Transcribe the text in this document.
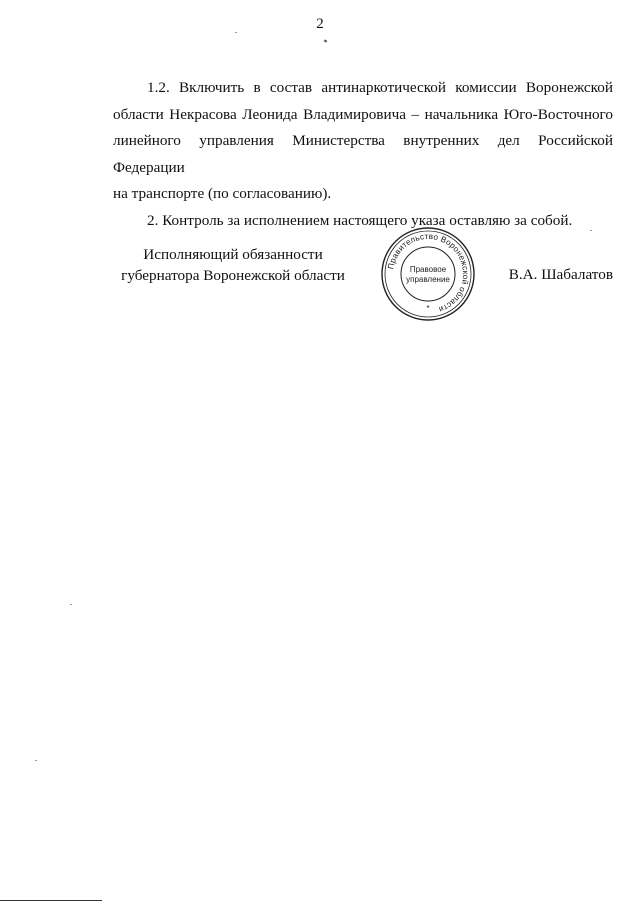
2
1.2. Включить в состав антинаркотической комиссии Воронежской
области Некрасова Леонида Владимировича – начальника Юго-Восточного
линейного управления Министерства внутренних дел Российской Федерации
на транспорте (по согласованию).

2. Контроль за исполнением настоящего указа оставляю за собой.

Исполняющий обязанности
губернатора Воронежской области	В.А. Шабалатов
Правительство Воронежской области
Правовое
управление
*
